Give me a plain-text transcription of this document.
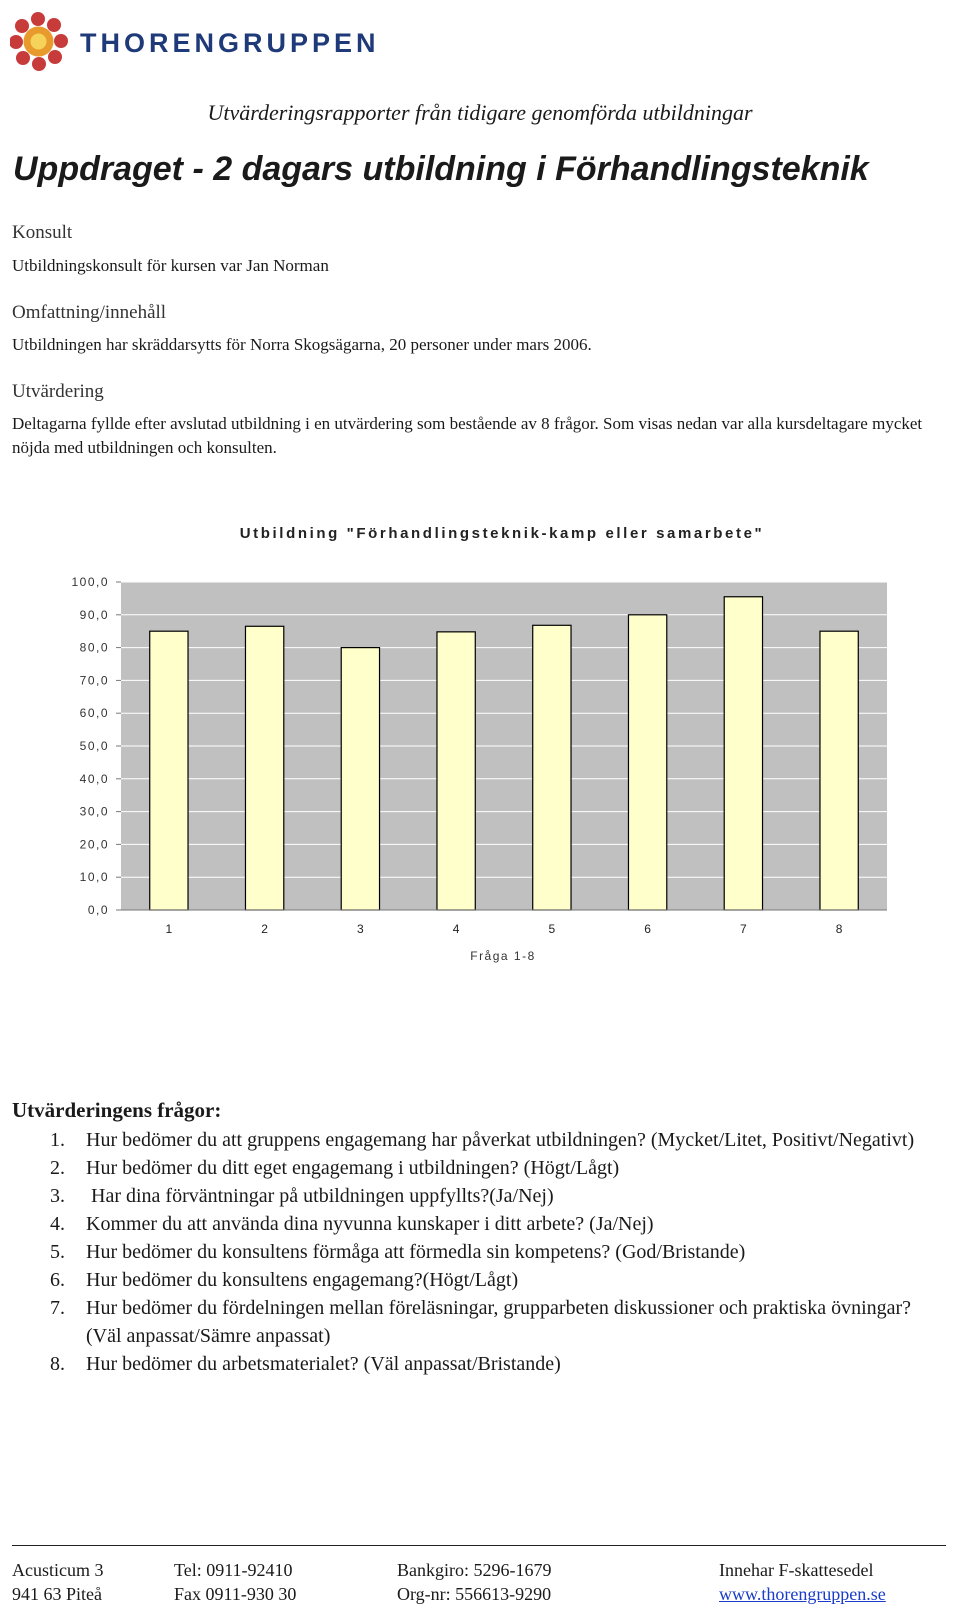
THORENGRUPPEN
Utvärderingsrapporter från tidigare genomförda utbildningar
Uppdraget - 2 dagars utbildning i Förhandlingsteknik
Konsult
Utbildningskonsult för kursen var Jan Norman
Omfattning/innehåll
Utbildningen har skräddarsytts för Norra Skogsägarna, 20 personer under mars 2006.
Utvärdering
Deltagarna fyllde efter avslutad utbildning i en utvärdering som bestående av 8 frågor. Som visas nedan var alla kursdeltagare mycket nöjda med utbildningen och konsulten.
Utbildning "Förhandlingsteknik-kamp eller samarbete"
0,0
10,0
20,0
30,0
40,0
50,0
60,0
70,0
80,0
90,0
100,0
1	2	3	4	5	6	7	8
Fråga 1-8
Utvärderingens frågor:
1. Hur bedömer du att gruppens engagemang har påverkat utbildningen? (Mycket/Litet, Positivt/Negativt)
2. Hur bedömer du ditt eget engagemang i utbildningen? (Högt/Lågt)
3. Har dina förväntningar på utbildningen uppfyllts?(Ja/Nej)
4. Kommer du att använda dina nyvunna kunskaper i ditt arbete? (Ja/Nej)
5. Hur bedömer du konsultens förmåga att förmedla sin kompetens? (God/Bristande)
6. Hur bedömer du konsultens engagemang?(Högt/Lågt)
7. Hur bedömer du fördelningen mellan föreläsningar, grupparbeten diskussioner och praktiska övningar? (Väl anpassat/Sämre anpassat)
8. Hur bedömer du arbetsmaterialet? (Väl anpassat/Bristande)
Acusticum 3
941 63 Piteå
Tel: 0911-92410
Fax 0911-930 30
Bankgiro: 5296-1679
Org-nr: 556613-9290
Innehar F-skattesedel
www.thorengruppen.se
